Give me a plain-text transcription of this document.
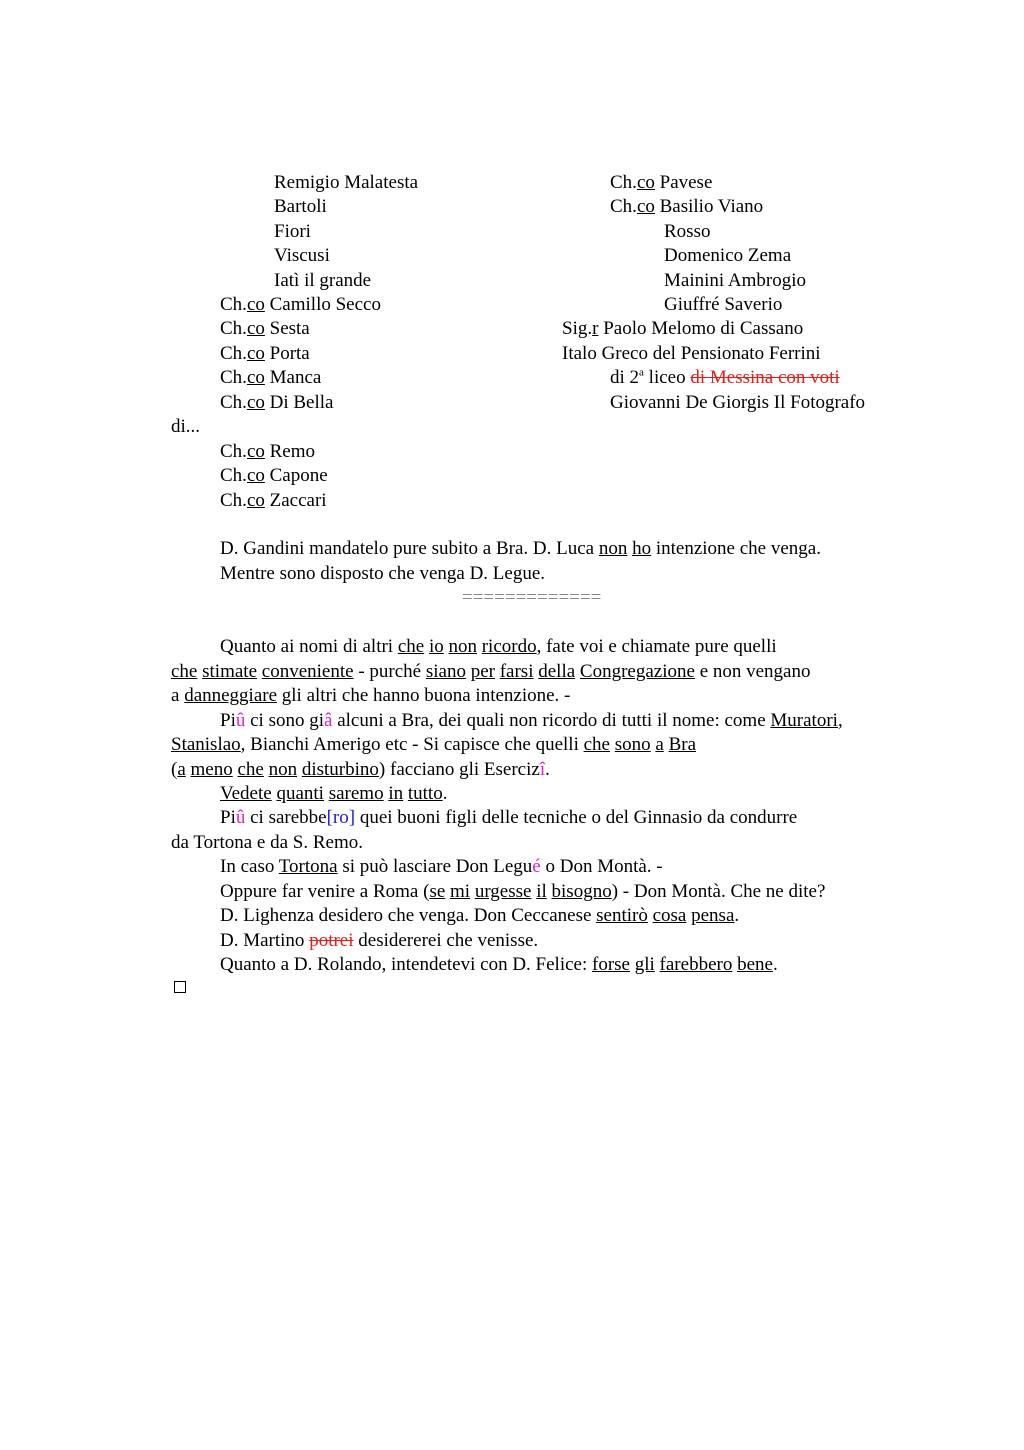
Remigio Malatesta
Bartoli
Fiori
Viscusi
Iatì il grande
Ch.co Camillo Secco
Ch.co Sesta
Ch.co Porta
Ch.co Manca
Ch.co Di Bella
di...
Ch.co Remo
Ch.co Capone
Ch.co Zaccari
Ch.co Pavese
Ch.co Basilio Viano
Rosso
Domenico Zema
Mainini Ambrogio
Giuffré Saverio
Sig.r Paolo Melomo di Cassano
Italo Greco del Pensionato Ferrini
di 2$^a$ liceo di Messina con voti
Giovanni De Giorgis Il Fotografo
D. Gandini mandatelo pure subito a Bra. D. Luca non ho intenzione che venga.
Mentre sono disposto che venga D. Legue.
=============
Quanto ai nomi di altri che io non ricordo, fate voi e chiamate pure quelli
che stimate conveniente - purché siano per farsi della Congregazione e non vengano
a danneggiare gli altri che hanno buona intenzione. -
Piû ci sono giâ alcuni a Bra, dei quali non ricordo di tutti il nome: come Muratori,
Stanislao, Bianchi Amerigo etc - Si capisce che quelli che sono a Bra
(a meno che non disturbino) facciano gli Esercizî.
Vedete quanti saremo in tutto.
Piû ci sarebbe[ro] quei buoni figli delle tecniche o del Ginnasio da condurre
da Tortona e da S. Remo.
In caso Tortona si può lasciare Don Legué o Don Montà. -
Oppure far venire a Roma (se mi urgesse il bisogno) - Don Montà. Che ne dite?
D. Lighenza desidero che venga. Don Ceccanese sentirò cosa pensa.
D. Martino potrei desidererei che venisse.
Quanto a D. Rolando, intendetevi con D. Felice: forse gli farebbero bene.
